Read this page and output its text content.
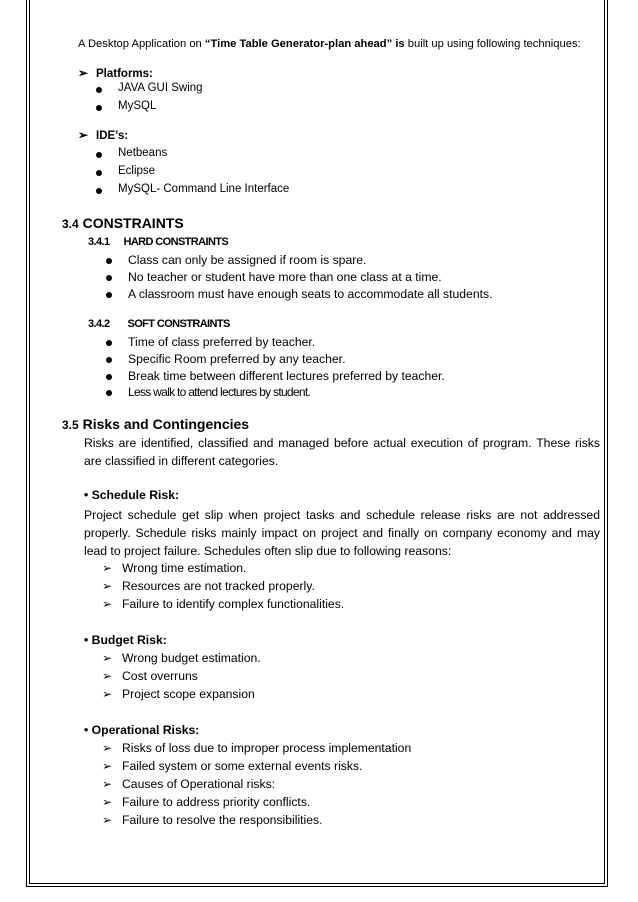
A Desktop Application on “Time Table Generator-plan ahead” is built up using following techniques:
➢ Platforms:
JAVA GUI Swing
MySQL
➢ IDE’s:
Netbeans
Eclipse
MySQL- Command Line Interface
3.4 CONSTRAINTS
3.4.1 HARD CONSTRAINTS
Class can only be assigned if room is spare.
No teacher or student have more than one class at a time.
A classroom must have enough seats to accommodate all students.
3.4.2 SOFT CONSTRAINTS
Time of class preferred by teacher.
Specific Room preferred by any teacher.
Break time between different lectures preferred by teacher.
Less walk to attend lectures by student.
3.5 Risks and Contingencies
Risks are identified, classified and managed before actual execution of program. These risks are classified in different categories.
• Schedule Risk:
Project schedule get slip when project tasks and schedule release risks are not addressed properly. Schedule risks mainly impact on project and finally on company economy and may lead to project failure. Schedules often slip due to following reasons:
➢ Wrong time estimation.
➢ Resources are not tracked properly.
➢ Failure to identify complex functionalities.
• Budget Risk:
➢ Wrong budget estimation.
➢ Cost overruns
➢ Project scope expansion
• Operational Risks:
➢ Risks of loss due to improper process implementation
➢ Failed system or some external events risks.
➢ Causes of Operational risks:
➢ Failure to address priority conflicts.
➢ Failure to resolve the responsibilities.
